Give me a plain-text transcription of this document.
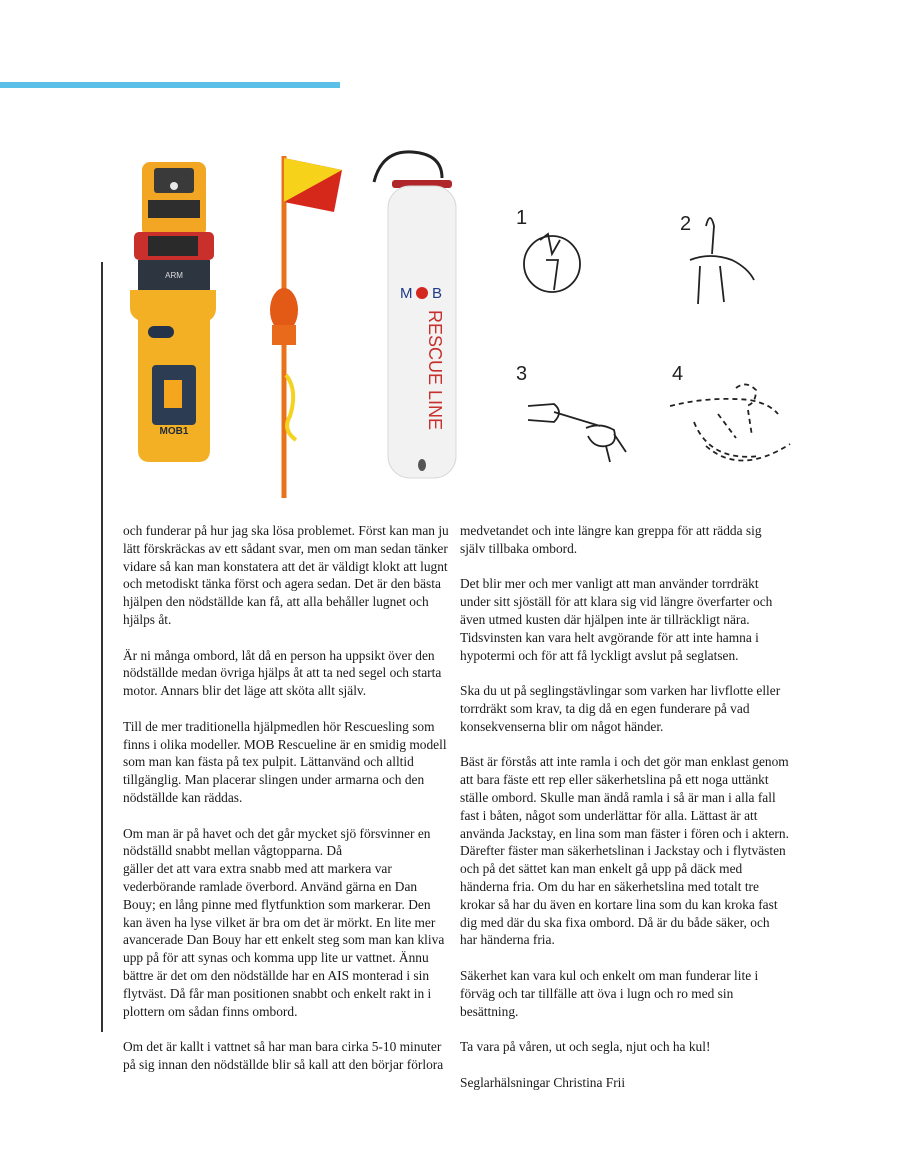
ARM
MOB1
M B
RESCUE LINE
1	2
3	4

och funderar på hur jag ska lösa problemet. Först kan man ju lätt förskräckas av ett sådant svar, men om man sedan tänker vidare så kan man konstatera att det är väldigt klokt att lugnt och metodiskt tänka först och agera sedan. Det är den bästa hjälpen den nödställde kan få, att alla behåller lugnet och hjälps åt.

Är ni många ombord, låt då en person ha uppsikt över den nödställde medan övriga hjälps åt att ta ned segel och starta motor. Annars blir det läge att sköta allt själv.

Till de mer traditionella hjälpmedlen hör Rescuesling som finns i olika modeller. MOB Rescueline är en smidig modell som man kan fästa på tex pulpit. Lättanvänd och alltid tillgänglig. Man placerar slingen under armarna och den nödställde kan räddas.

Om man är på havet och det går mycket sjö försvinner en nödställd snabbt mellan vågtopparna. Då
gäller det att vara extra snabb med att markera var vederbörande ramlade överbord. Använd gärna en Dan Bouy; en lång pinne med flytfunktion som markerar. Den kan även ha lyse vilket är bra om det är mörkt. En lite mer avancerade Dan Bouy har ett enkelt steg som man kan kliva upp på för att synas och komma upp lite ur vattnet. Ännu bättre är det om den nödställde har en AIS monterad i sin flytväst. Då får man positionen snabbt och enkelt rakt in i plottern om sådan finns ombord.

Om det är kallt i vattnet så har man bara cirka 5-10 minuter på sig innan den nödställde blir så kall att den börjar förlora

medvetandet och inte längre kan greppa för att rädda sig själv tillbaka ombord.

Det blir mer och mer vanligt att man använder torrdräkt under sitt sjöställ för att klara sig vid längre överfarter och även utmed kusten där hjälpen inte är tillräckligt nära. Tidsvinsten kan vara helt avgörande för att inte hamna i hypotermi och för att få lyckligt avslut på seglatsen.

Ska du ut på seglingstävlingar som varken har livflotte eller torrdräkt som krav, ta dig då en egen funderare på vad konsekvenserna blir om något händer.

Bäst är förstås att inte ramla i och det gör man enklast genom att bara fäste ett rep eller säkerhetslina på ett noga uttänkt ställe ombord. Skulle man ändå ramla i så är man i alla fall fast i båten, något som underlättar för alla. Lättast är att använda Jackstay, en lina som man fäster i fören och i aktern. Därefter fäster man säkerhetslinan i Jackstay och i flytvästen och på det sättet kan man enkelt gå upp på däck med händerna fria. Om du har en säkerhetslina med totalt tre krokar så har du även en kortare lina som du kan kroka fast dig med där du ska fixa ombord. Då är du både säker, och har händerna fria.

Säkerhet kan vara kul och enkelt om man funderar lite i förväg och tar tillfälle att öva i lugn och ro med sin besättning.

Ta vara på våren, ut och segla, njut och ha kul!

Seglarhälsningar Christina Frii
